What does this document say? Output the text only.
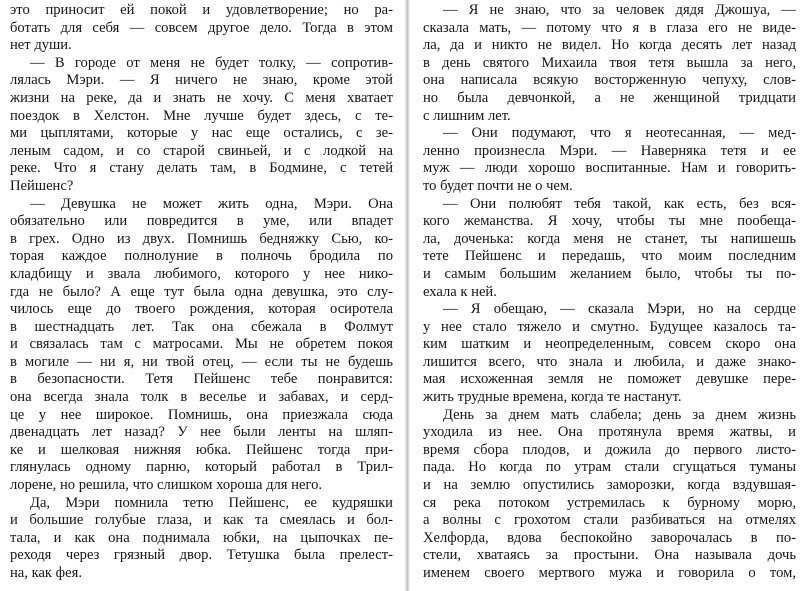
это приносит ей покой и удовлетворение; но ра-
ботать для себя — совсем другое дело. Тогда в этом
нет души.
— В городе от меня не будет толку, — сопротив-
лялась Мэри. — Я ничего не знаю, кроме этой
жизни на реке, да и знать не хочу. С меня хватает
поездок в Хелстон. Мне лучше будет здесь, с те-
ми цыплятами, которые у нас еще остались, с зе-
леным садом, и со старой свиньей, и с лодкой на
реке. Что я стану делать там, в Бодмине, с тетей
Пейшенс?
— Девушка не может жить одна, Мэри. Она
обязательно или повредится в уме, или впадет
в грех. Одно из двух. Помнишь бедняжку Сью, ко-
торая каждое полнолуние в полночь бродила по
кладбищу и звала любимого, которого у нее нико-
гда не было? А еще тут была одна девушка, это слу-
чилось еще до твоего рождения, которая осиротела
в шестнадцать лет. Так она сбежала в Фолмут
и связалась там с матросами. Мы не обретем покоя
в могиле — ни я, ни твой отец, — если ты не будешь
в безопасности. Тетя Пейшенс тебе понравится:
она всегда знала толк в веселье и забавах, и серд-
це у нее широкое. Помнишь, она приезжала сюда
двенадцать лет назад? У нее были ленты на шляп-
ке и шелковая нижняя юбка. Пейшенс тогда при-
глянулась одному парню, который работал в Трил-
лорене, но решила, что слишком хороша для него.
Да, Мэри помнила тетю Пейшенс, ее кудряшки
и большие голубые глаза, и как та смеялась и бол-
тала, и как она поднимала юбки, на цыпочках пе-
реходя через грязный двор. Тетушка была прелест-
на, как фея.
— Я не знаю, что за человек дядя Джошуа, —
сказала мать, — потому что я в глаза его не виде-
ла, да и никто не видел. Но когда десять лет назад
в день святого Михаила твоя тетя вышла за него,
она написала всякую восторженную чепуху, слов-
но была девчонкой, а не женщиной тридцати
с лишним лет.
— Они подумают, что я неотесанная, — мед-
ленно произнесла Мэри. — Наверняка тетя и ее
муж — люди хорошо воспитанные. Нам и говорить-
то будет почти не о чем.
— Они полюбят тебя такой, как есть, без вся-
кого жеманства. Я хочу, чтобы ты мне пообеща-
ла, доченька: когда меня не станет, ты напишешь
тете Пейшенс и передашь, что моим последним
и самым большим желанием было, чтобы ты по-
ехала к ней.
— Я обещаю, — сказала Мэри, но на сердце
у нее стало тяжело и смутно. Будущее казалось та-
ким шатким и неопределенным, совсем скоро она
лишится всего, что знала и любила, и даже знако-
мая исхоженная земля не поможет девушке пере-
жить трудные времена, когда те настанут.
День за днем мать слабела; день за днем жизнь
уходила из нее. Она протянула время жатвы, и
время сбора плодов, и дожила до первого листо-
пада. Но когда по утрам стали сгущаться туманы
и на землю опустились заморозки, когда вздувшая-
ся река потоком устремилась к бурному морю,
а волны с грохотом стали разбиваться на отмелях
Хелфорда, вдова беспокойно заворочалась в по-
стели, хватаясь за простыни. Она называла дочь
именем своего мертвого мужа и говорила о том,
